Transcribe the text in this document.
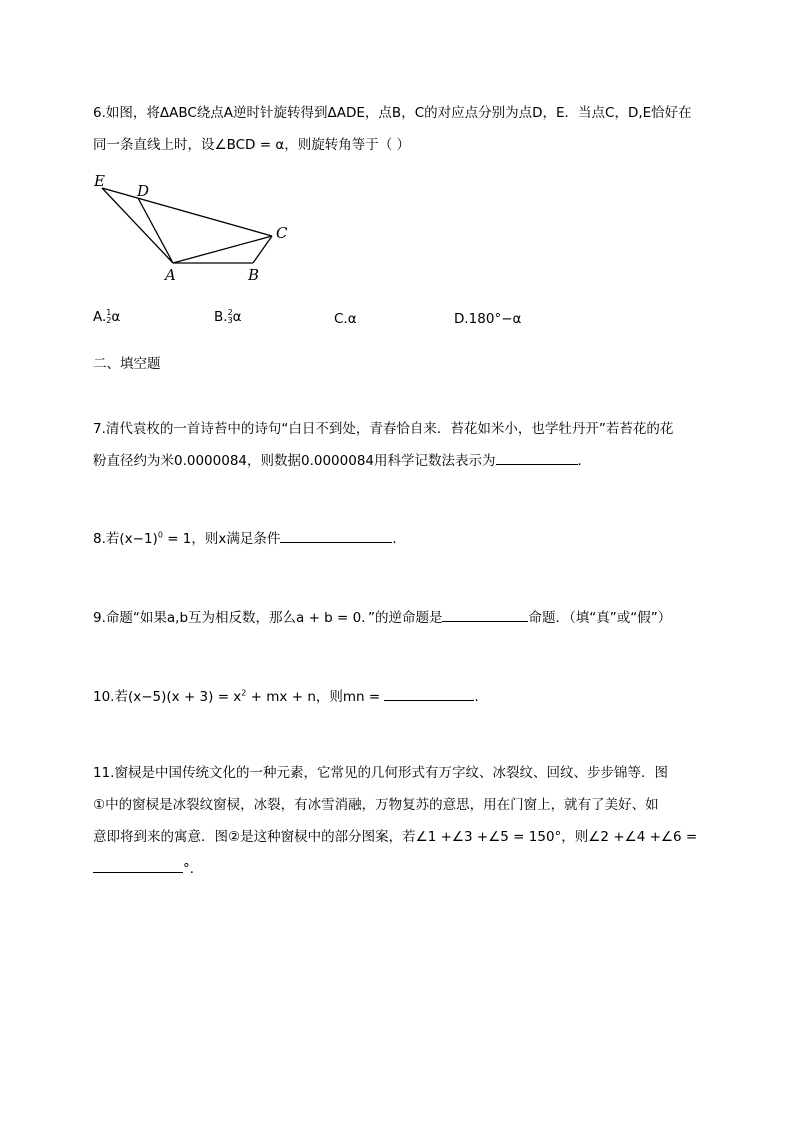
6.如图，将ΔABC绕点A逆时针旋转得到ΔADE，点B，C的对应点分别为点D，E．当点C，D,E恰好在
同一条直线上时，设∠BCD = α，则旋转角等于（ ）
E
D
C
A	B
A. 1
2 α	B. 2
3 α	C.α	D.180°−α
二、填空题
7.清代袁枚的一首诗苔中的诗句“白日不到处，青春恰自来．苔花如米小，也学牡丹开”若苔花的花
粉直径约为米0.0000084，则数据0.0000084用科学记数法表示为	．
8.若$(x-1)^0 = 1$，则x满足条件	．
9.命题“如果a,b互为相反数，那么a + b = 0．”的逆命题是	命题．（填“真”或“假”）
10.若$(x-5)(x + 3) = x^2$ + mx + n，则mn =	．
11.窗棂是中国传统文化的一种元素，它常见的几何形式有万字纹、冰裂纹、回纹、步步锦等．图
①中的窗棂是冰裂纹窗棂，冰裂，有冰雪消融，万物复苏的意思，用在门窗上，就有了美好、如
意即将到来的寓意．图②是这种窗棂中的部分图案，若∠1 +∠3 +∠5 = 150°，则∠2 +∠4 +∠6 =
°．
